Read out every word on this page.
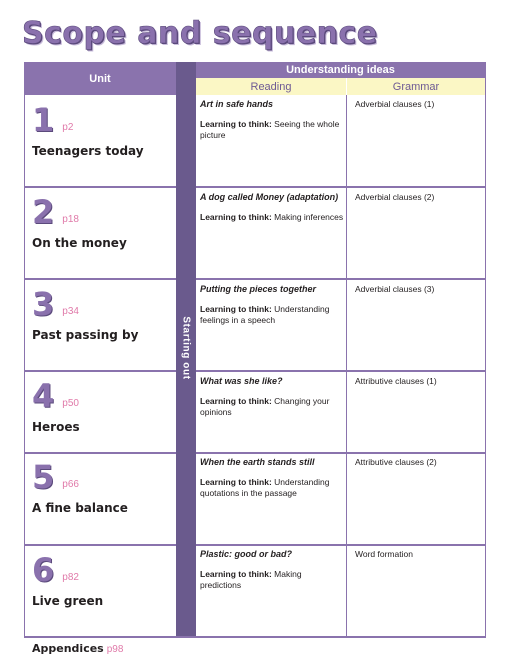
Scope and sequence
Unit
Understanding ideas
Reading	Grammar
Starting out
1 p2
Teenagers today
Art in safe hands
Learning to think: Seeing the whole picture
Adverbial clauses (1)
2 p18
On the money
A dog called Money (adaptation)
Learning to think: Making inferences
Adverbial clauses (2)
3 p34
Past passing by
Putting the pieces together
Learning to think: Understanding feelings in a speech
Adverbial clauses (3)
4 p50
Heroes
What was she like?
Learning to think: Changing your opinions
Attributive clauses (1)
5 p66
A fine balance
When the earth stands still
Learning to think: Understanding quotations in the passage
Attributive clauses (2)
6 p82
Live green
Plastic: good or bad?
Learning to think: Making predictions
Word formation
Appendices p98
